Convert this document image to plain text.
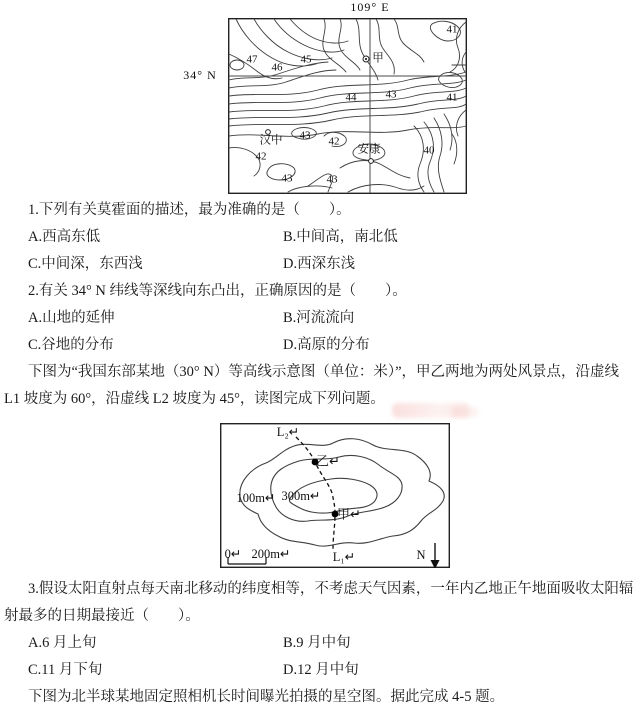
109° E
34° N
41
47
46
45	甲
44	43	41
汉中 43 42
42
安康	40
43	43
1.下列有关莫霍面的描述，最为准确的是（　　）。
A.西高东低	B.中间高，南北低
C.中间深，东西浅	D.西深东浅
2.有关 34° N 纬线等深线向东凸出，正确原因的是（　　）。
A.山地的延伸	B.河流流向
C.谷地的分布	D.高原的分布

下图为“我国东部某地（30° N）等高线示意图（单位：米）”，甲乙两地为两处风景点，沿虚线 L1 坡度为 60°，沿虚线 L2 坡度为 45°，读图完成下列问题。

L₂↵
乙↵
100m↵ 300m↵
甲↵
0↵ 200m↵	L₁↵	N

3.假设太阳直射点每天南北移动的纬度相等，不考虑天气因素，一年内乙地正午地面吸收太阳辐射最多的日期最接近（　　）。

A.6 月上旬	B.9 月中旬
C.11 月下旬	D.12 月中旬

下图为北半球某地固定照相机长时间曝光拍摄的星空图。据此完成 4-5 题。
